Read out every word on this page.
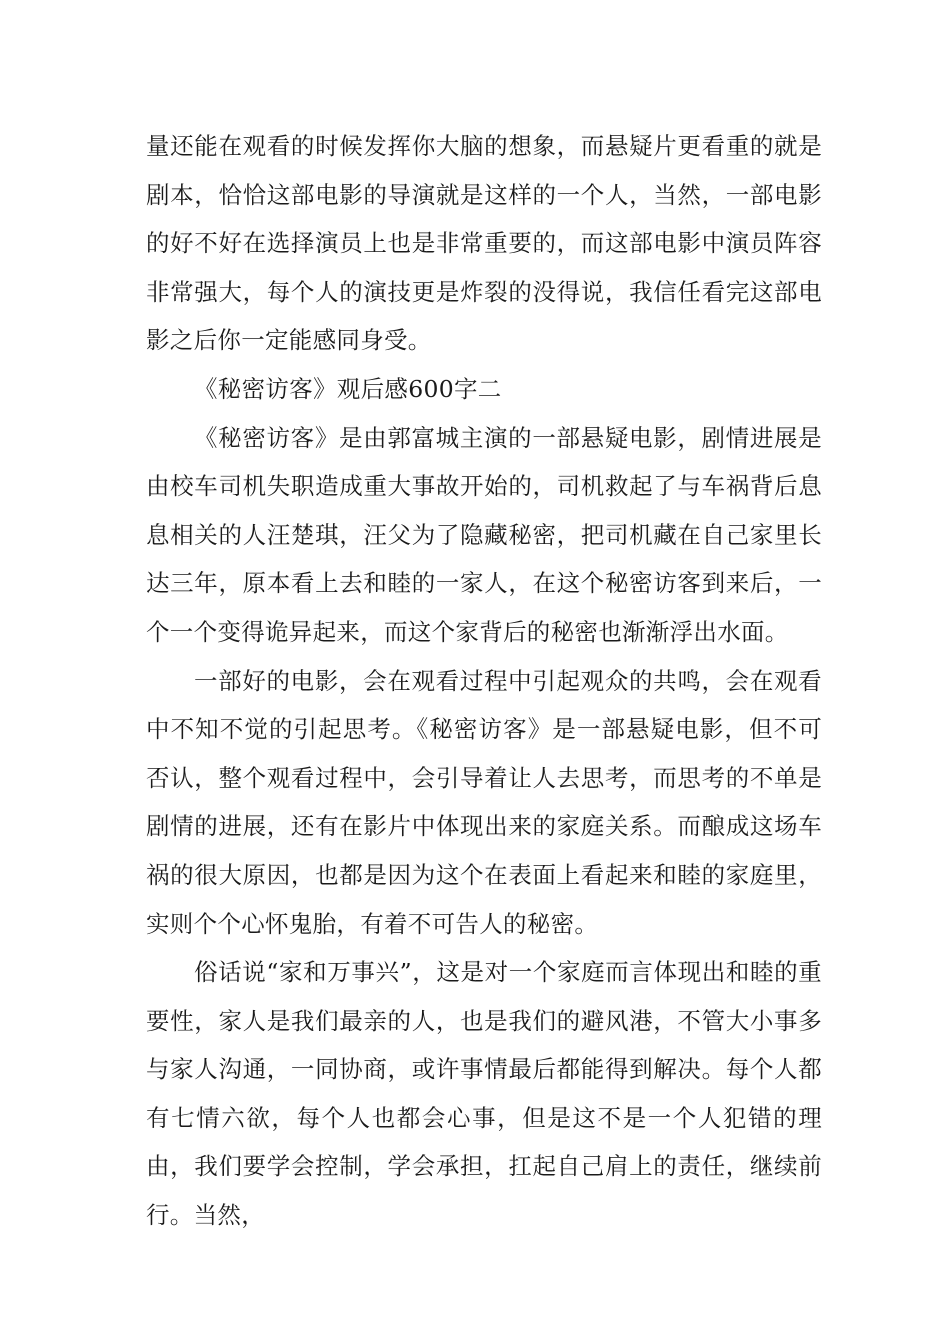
量还能在观看的时候发挥你大脑的想象，而悬疑片更看重的就是剧本，恰恰这部电影的导演就是这样的一个人，当然，一部电影的好不好在选择演员上也是非常重要的，而这部电影中演员阵容非常强大，每个人的演技更是炸裂的没得说，我信任看完这部电影之后你一定能感同身受。

《秘密访客》观后感600字二

《秘密访客》是由郭富城主演的一部悬疑电影，剧情进展是由校车司机失职造成重大事故开始的，司机救起了与车祸背后息息相关的人汪楚琪，汪父为了隐藏秘密，把司机藏在自己家里长达三年，原本看上去和睦的一家人，在这个秘密访客到来后，一个一个变得诡异起来，而这个家背后的秘密也渐渐浮出水面。

一部好的电影，会在观看过程中引起观众的共鸣，会在观看中不知不觉的引起思考。《秘密访客》是一部悬疑电影，但不可否认，整个观看过程中，会引导着让人去思考，而思考的不单是剧情的进展，还有在影片中体现出来的家庭关系。而酿成这场车祸的很大原因，也都是因为这个在表面上看起来和睦的家庭里，实则个个心怀鬼胎，有着不可告人的秘密。

俗话说“家和万事兴”，这是对一个家庭而言体现出和睦的重要性，家人是我们最亲的人，也是我们的避风港，不管大小事多与家人沟通，一同协商，或许事情最后都能得到解决。每个人都有七情六欲，每个人也都会心事，但是这不是一个人犯错的理由，我们要学会控制，学会承担，扛起自己肩上的责任，继续前行。当然，
